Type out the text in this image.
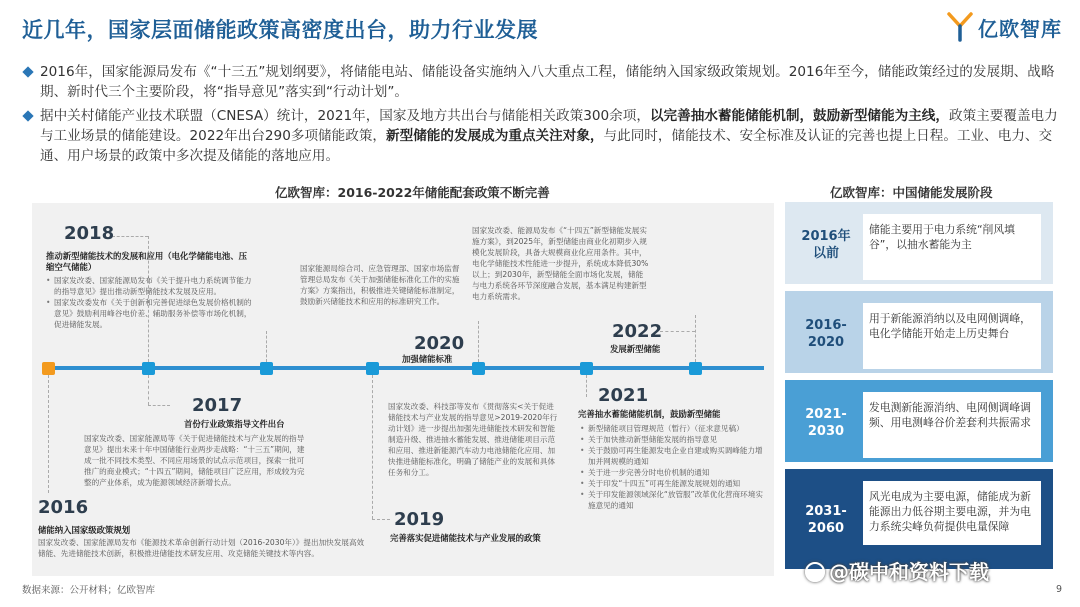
近几年，国家层面储能政策高密度出台，助力行业发展	亿欧智库
2016年，国家能源局发布《“十三五”规划纲要》，将储能电站、储能设备实施纳入八大重点工程，储能纳入国家级政策规划。2016年至今，储能政策经过的发展期、战略期、新时代三个主要阶段，将“指导意见”落实到“行动计划”。
据中关村储能产业技术联盟（CNESA）统计，2021年，国家及地方共出台与储能相关政策300余项，以完善抽水蓄能储能机制，鼓励新型储能为主线，政策主要覆盖电力与工业场景的储能建设。2022年出台290多项储能政策，新型储能的发展成为重点关注对象，与此同时，储能技术、安全标准及认证的完善也提上日程。工业、电力、交通、用户场景的政策中多次提及储能的落地应用。
亿欧智库：2016-2022年储能配套政策不断完善	亿欧智库：中国储能发展阶段
2018
推动新型储能技术的发展和应用（电化学储能电池、压缩空气储能）
• 国家发改委、国家能源局发布《关于提升电力系统调节能力的指导意见》提出推动新型储能技术发展及应用。
• 国家发改委发布《关于创新和完善促进绿色发展价格机制的意见》鼓励利用峰谷电价差、辅助服务补偿等市场化机制，促进储能发展。
2017
首份行业政策指导文件出台
国家发改委、国家能源局等《关于促进储能技术与产业发展的指导意见》提出未来十年中国储能行业两步走战略：“十三五”期间，建成一批不同技术类型、不同应用场景的试点示范项目，探索一批可推广的商业模式；“十四五”期间，储能项目广泛应用，形成较为完整的产业体系，成为能源领域经济新增长点。
2016
储能纳入国家级政策规划
国家发改委、国家能源局发布《能源技术革命创新行动计划（2016-2030年）》提出加快发展高效储能、先进储能技术创新，积极推进储能技术研发应用、攻克储能关键技术等内容。
国家能源局综合司、应急管理部、国家市场监督管理总局发布《关于加强储能标准化工作的实施方案》方案指出，积极推进关键储能标准制定，鼓励新兴储能技术和应用的标准研究工作。
2020
加强储能标准
国家发改委、科技部等发布《贯彻落实<关于促进储能技术与产业发展的指导意见>2019-2020年行动计划》进一步提出加强先进储能技术研发和智能制造升级、推进抽水蓄能发展、推进储能项目示范和应用、推进新能源汽车动力电池储能化应用、加快推进储能标准化，明确了储能产业的发展和具体任务和分工。
2019
完善落实促进储能技术与产业发展的政策
国家发改委、能源局发布《“十四五”新型储能发展实施方案》，到2025年，新型储能由商业化初期步入规模化发展阶段，具备大规模商业化应用条件。其中，电化学储能技术性能进一步提升，系统成本降低30%以上；到2030年，新型储能全面市场化发展，储能与电力系统各环节深度融合发展，基本满足构建新型电力系统需求。
2022
发展新型储能
2021
完善抽水蓄能储能机制，鼓励新型储能
• 新型储能项目管理规范（暂行）（征求意见稿）
• 关于加快推动新型储能发展的指导意见
• 关于鼓励可再生能源发电企业自建或购买调峰能力增加并网规模的通知
• 关于进一步完善分时电价机制的通知
• 关于印发“十四五”可再生能源发展规划的通知
• 关于印发能源领域深化“放管服”改革优化营商环境实施意见的通知
2016年
以前
储能主要用于电力系统“削风填谷”，以抽水蓄能为主
2016-
2020
用于新能源消纳以及电网侧调峰，电化学储能开始走上历史舞台
2021-
2030
发电测新能源消纳、电网侧调峰调频、用电测峰谷价差套利共振需求
2031-
2060
风光电成为主要电源，储能成为新能源出力低谷期主要电源，并为电力系统尖峰负荷提供电量保障
@碳中和资料下载
数据来源：公开材料；亿欧智库	9
